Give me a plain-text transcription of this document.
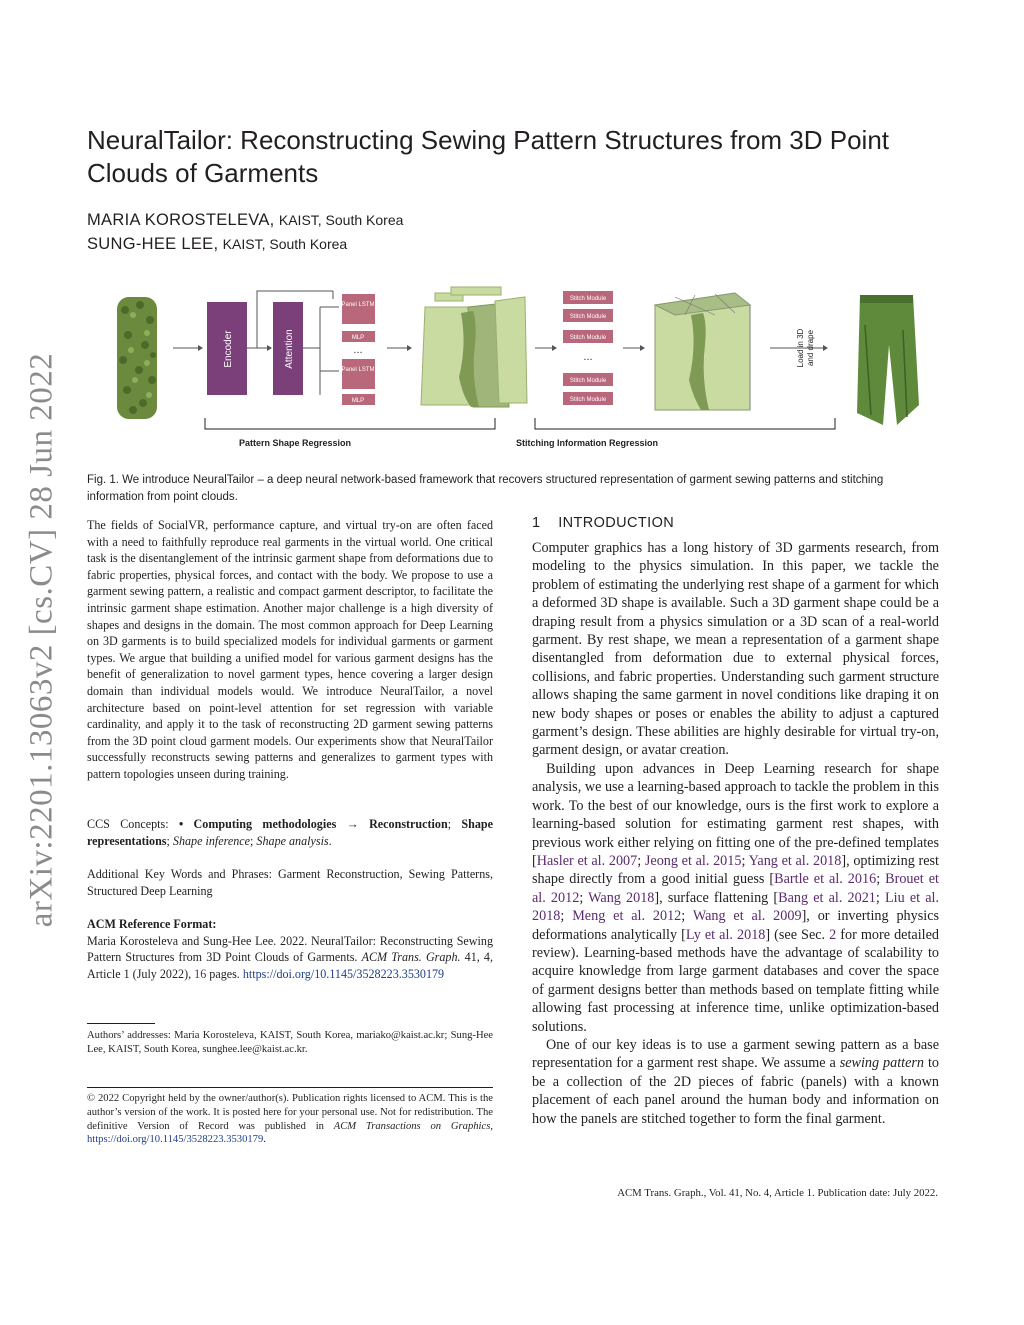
arXiv:2201.13063v2 [cs.CV] 28 Jun 2022
NeuralTailor: Reconstructing Sewing Pattern Structures from 3D Point
Clouds of Garments
MARIA KOROSTELEVA, KAIST, South Korea
SUNG-HEE LEE, KAIST, South Korea
Encoder	Attention
Panel LSTM
MLP
...
Panel LSTM
MLP
Stitch Module
Stitch Module
Stitch Module
...
Stitch Module
Stitch Module
Load in 3D and drape
Pattern Shape Regression	Stitching Information Regression
Fig. 1. We introduce NeuralTailor – a deep neural network-based framework that recovers structured representation of garment sewing patterns and stitching information from point clouds.
The fields of SocialVR, performance capture, and virtual try-on are often faced with a need to faithfully reproduce real garments in the virtual world. One critical task is the disentanglement of the intrinsic garment shape from deformations due to fabric properties, physical forces, and contact with the body. We propose to use a garment sewing pattern, a realistic and compact garment descriptor, to facilitate the intrinsic garment shape estimation. Another major challenge is a high diversity of shapes and designs in the domain. The most common approach for Deep Learning on 3D garments is to build specialized models for individual garments or garment types. We argue that building a unified model for various garment designs has the benefit of generalization to novel garment types, hence covering a larger design domain than individual models would. We introduce NeuralTailor, a novel architecture based on point-level attention for set regression with variable cardinality, and apply it to the task of reconstructing 2D garment sewing patterns from the 3D point cloud garment models. Our experiments show that NeuralTailor successfully reconstructs sewing patterns and generalizes to garment types with pattern topologies unseen during training.
CCS Concepts: • Computing methodologies → Reconstruction; Shape representations; Shape inference; Shape analysis.
Additional Key Words and Phrases: Garment Reconstruction, Sewing Patterns, Structured Deep Learning
ACM Reference Format:
Maria Korosteleva and Sung-Hee Lee. 2022. NeuralTailor: Reconstructing Sewing Pattern Structures from 3D Point Clouds of Garments. ACM Trans. Graph. 41, 4, Article 1 (July 2022), 16 pages. https://doi.org/10.1145/3528223.3530179
Authors’ addresses: Maria Korosteleva, KAIST, South Korea, mariako@kaist.ac.kr; Sung-Hee Lee, KAIST, South Korea, sunghee.lee@kaist.ac.kr.
© 2022 Copyright held by the owner/author(s). Publication rights licensed to ACM. This is the author’s version of the work. It is posted here for your personal use. Not for redistribution. The definitive Version of Record was published in ACM Transactions on Graphics, https://doi.org/10.1145/3528223.3530179.
1 INTRODUCTION

Computer graphics has a long history of 3D garments research, from modeling to the physics simulation. In this paper, we tackle the problem of estimating the underlying rest shape of a garment for which a deformed 3D shape is available. Such a 3D garment shape could be a draping result from a physics simulation or a 3D scan of a real-world garment. By rest shape, we mean a representation of a garment shape disentangled from deformation due to external physical forces, collisions, and fabric properties. Understanding such garment structure allows shaping the same garment in novel conditions like draping it on new body shapes or poses or enables the ability to adjust a captured garment’s design. These abilities are highly desirable for virtual try-on, garment design, or avatar creation.

Building upon advances in Deep Learning research for shape analysis, we use a learning-based approach to tackle the problem in this work. To the best of our knowledge, ours is the first work to explore a learning-based solution for estimating garment rest shapes, with previous work either relying on fitting one of the pre-defined templates [Hasler et al. 2007; Jeong et al. 2015; Yang et al. 2018], optimizing rest shape directly from a good initial guess [Bartle et al. 2016; Brouet et al. 2012; Wang 2018], surface flattening [Bang et al. 2021; Liu et al. 2018; Meng et al. 2012; Wang et al. 2009], or inverting physics deformations analytically [Ly et al. 2018] (see Sec. 2 for more detailed review). Learning-based methods have the advantage of scalability to acquire knowledge from large garment databases and cover the space of garment designs better than methods based on template fitting while allowing fast processing at inference time, unlike optimization-based solutions.

One of our key ideas is to use a garment sewing pattern as a base representation for a garment rest shape. We assume a sewing pattern to be a collection of the 2D pieces of fabric (panels) with a known placement of each panel around the human body and information on how the panels are stitched together to form the final garment.

ACM Trans. Graph., Vol. 41, No. 4, Article 1. Publication date: July 2022.
